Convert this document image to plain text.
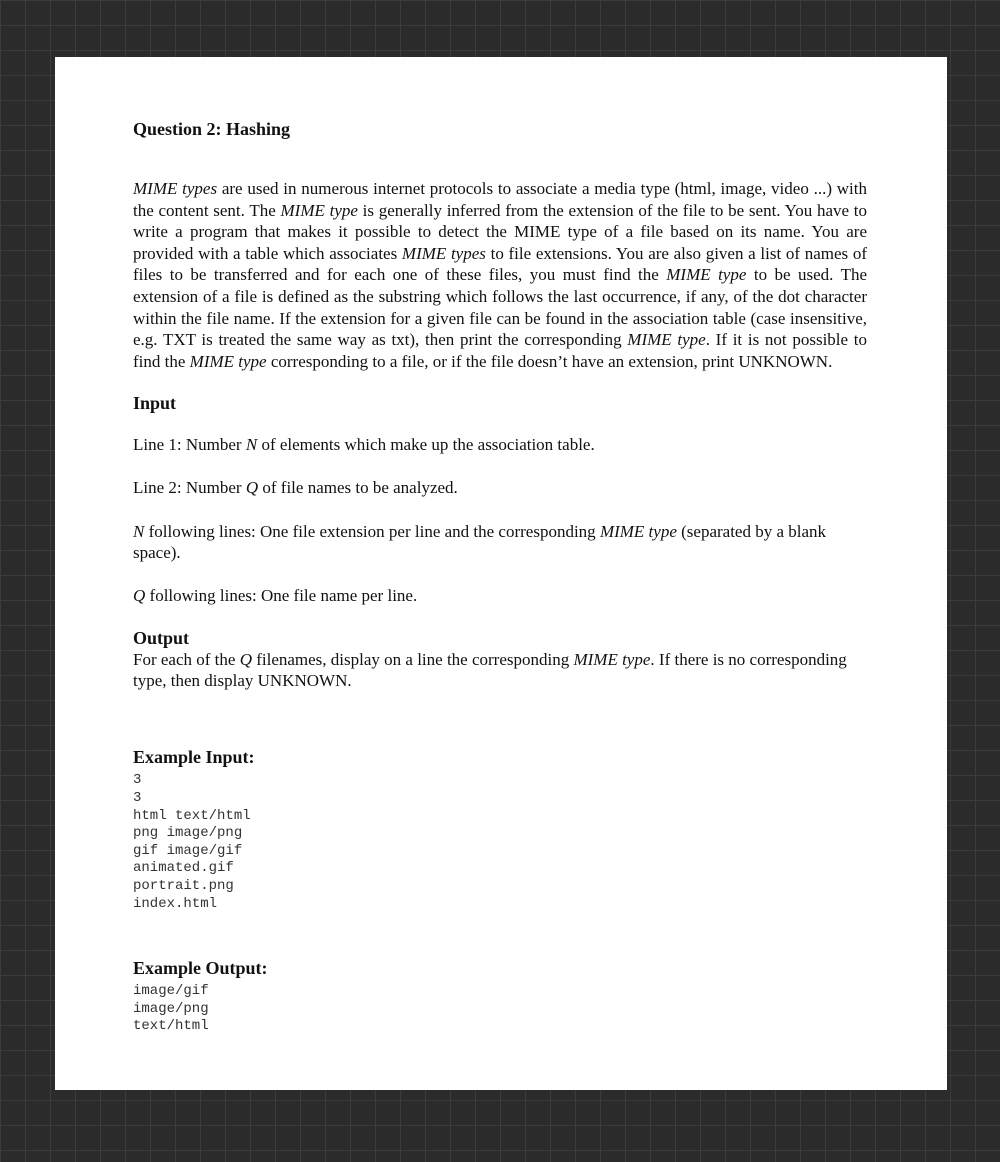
Question 2: Hashing

MIME types are used in numerous internet protocols to associate a media type (html, image, video ...) with the content sent. The MIME type is generally inferred from the extension of the file to be sent. You have to write a program that makes it possible to detect the MIME type of a file based on its name. You are provided with a table which associates MIME types to file extensions. You are also given a list of names of files to be transferred and for each one of these files, you must find the MIME type to be used. The extension of a file is defined as the substring which follows the last occurrence, if any, of the dot character within the file name. If the extension for a given file can be found in the association table (case insensitive, e.g. TXT is treated the same way as txt), then print the corresponding MIME type. If it is not possible to find the MIME type corresponding to a file, or if the file doesn’t have an extension, print UNKNOWN.

Input

Line 1: Number N of elements which make up the association table.

Line 2: Number Q of file names to be analyzed.

N following lines: One file extension per line and the corresponding MIME type (separated by a blank space).

Q following lines: One file name per line.

Output

For each of the Q filenames, display on a line the corresponding MIME type. If there is no corresponding type, then display UNKNOWN.

Example Input:
3
3
html text/html
png image/png
gif image/gif
animated.gif
portrait.png
index.html
Example Output:
image/gif
image/png
text/html
